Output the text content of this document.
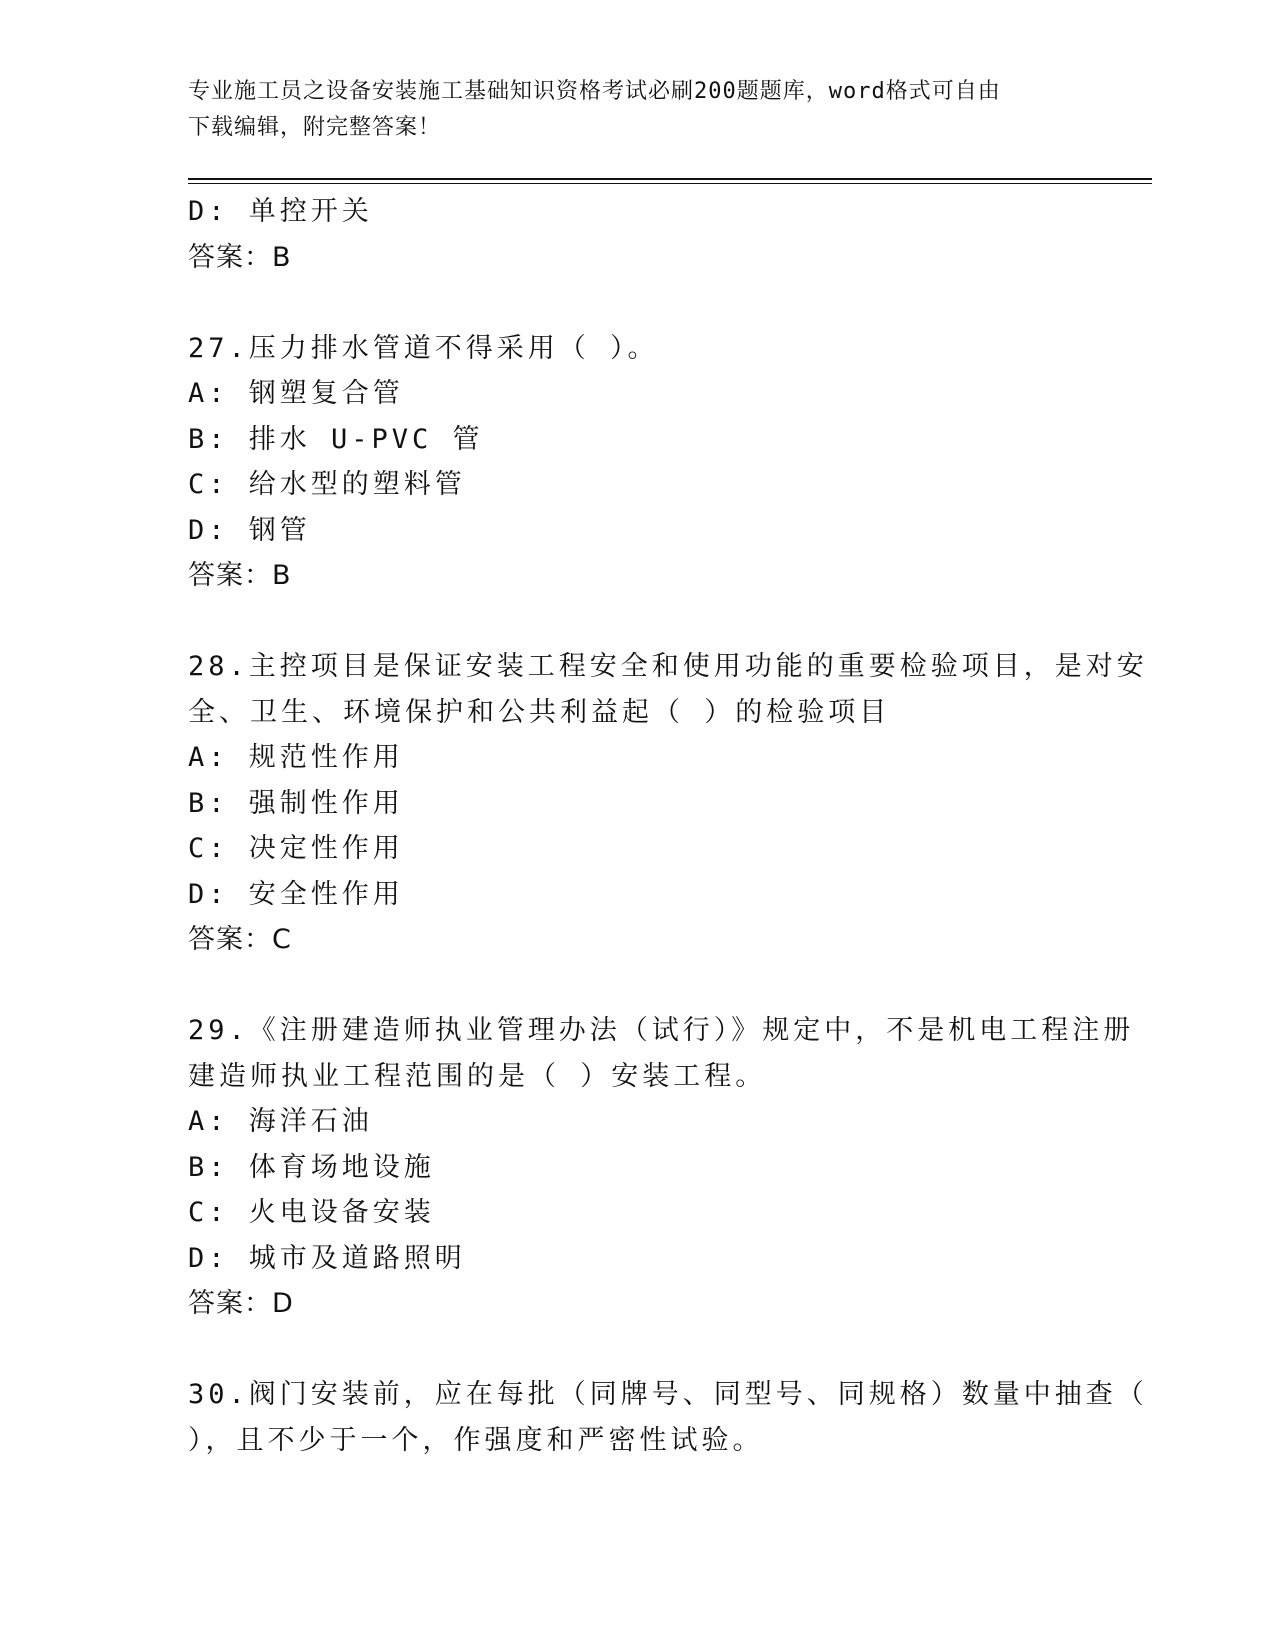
专业施工员之设备安装施工基础知识资格考试必刷200题题库，word格式可自由
下载编辑，附完整答案！
D: 单控开关
答案：B
27.压力排水管道不得采用（ ）。
A: 钢塑复合管
B: 排水 U-PVC 管
C: 给水型的塑料管
D: 钢管
答案：B
28.主控项目是保证安装工程安全和使用功能的重要检验项目，是对安
全、卫生、环境保护和公共利益起（ ）的检验项目
A: 规范性作用
B: 强制性作用
C: 决定性作用
D: 安全性作用
答案：C
29.《注册建造师执业管理办法（试行）》规定中，不是机电工程注册
建造师执业工程范围的是（ ）安装工程。
A: 海洋石油
B: 体育场地设施
C: 火电设备安装
D: 城市及道路照明
答案：D
30.阀门安装前，应在每批（同牌号、同型号、同规格）数量中抽查（
），且不少于一个，作强度和严密性试验。
